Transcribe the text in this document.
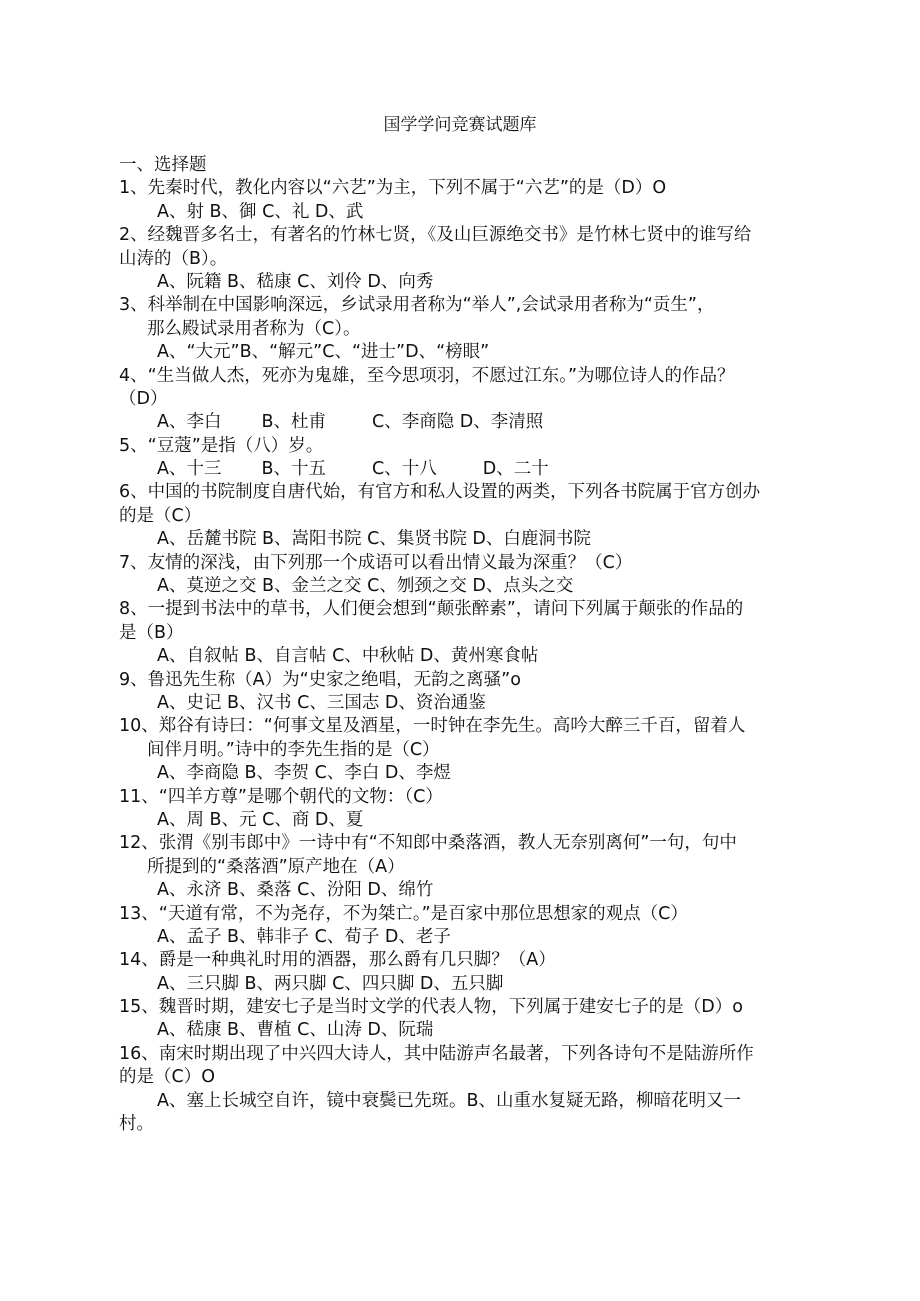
国学学问竞赛试题库
一、选择题
1、先秦时代，教化内容以“六艺”为主，下列不属于“六艺”的是（D）O
A、射 B、御 C、礼 D、武
2、经魏晋多名士，有著名的竹林七贤，《及山巨源绝交书》是竹林七贤中的谁写给
山涛的（B）。
A、阮籍 B、嵇康 C、刘伶 D、向秀
3、科举制在中国影响深远，乡试录用者称为“举人”,会试录用者称为“贡生”，
那么殿试录用者称为（C）。
A、“大元”B、“解元”C、“进士”D、“榜眼”
4、“生当做人杰，死亦为鬼雄，至今思项羽，不愿过江东。”为哪位诗人的作品？
（D）
A、李白 B、杜甫	C、李商隐 D、李清照
5、“豆蔻”是指（八）岁。
A、十三 B、十五	C、十八	D、二十
6、中国的书院制度自唐代始，有官方和私人设置的两类，下列各书院属于官方创办
的是（C）
A、岳麓书院 B、嵩阳书院 C、集贤书院 D、白鹿洞书院
7、友情的深浅，由下列那一个成语可以看出情义最为深重？（C）
A、莫逆之交 B、金兰之交 C、刎颈之交 D、点头之交
8、一提到书法中的草书，人们便会想到“颠张醉素”，请问下列属于颠张的作品的
是（B）
A、自叙帖 B、自言帖 C、中秋帖 D、黄州寒食帖
9、鲁迅先生称（A）为“史家之绝唱，无韵之离骚”o
A、史记 B、汉书 C、三国志 D、资治通鉴
10、郑谷有诗曰：“何事文星及酒星，一时钟在李先生。高吟大醉三千百，留着人
间伴月明。”诗中的李先生指的是（C）
A、李商隐 B、李贺 C、李白 D、李煜
11、“四羊方尊”是哪个朝代的文物：（C）
A、周 B、元 C、商 D、夏
12、张渭《别韦郎中》一诗中有“不知郎中桑落酒，教人无奈别离何”一句，句中
所提到的“桑落酒”原产地在（A）
A、永济 B、桑落 C、汾阳 D、绵竹
13、“天道有常，不为尧存，不为桀亡。”是百家中那位思想家的观点（C）
A、孟子 B、韩非子 C、荀子 D、老子
14、爵是一种典礼时用的酒器，那么爵有几只脚？（A）
A、三只脚 B、两只脚 C、四只脚 D、五只脚
15、魏晋时期，建安七子是当时文学的代表人物，下列属于建安七子的是（D）o
A、嵇康 B、曹植 C、山涛 D、阮瑞
16、南宋时期出现了中兴四大诗人，其中陆游声名最著，下列各诗句不是陆游所作
的是（C）O
A、塞上长城空自许，镜中衰鬓已先斑。B、山重水复疑无路，柳暗花明又一
村。
